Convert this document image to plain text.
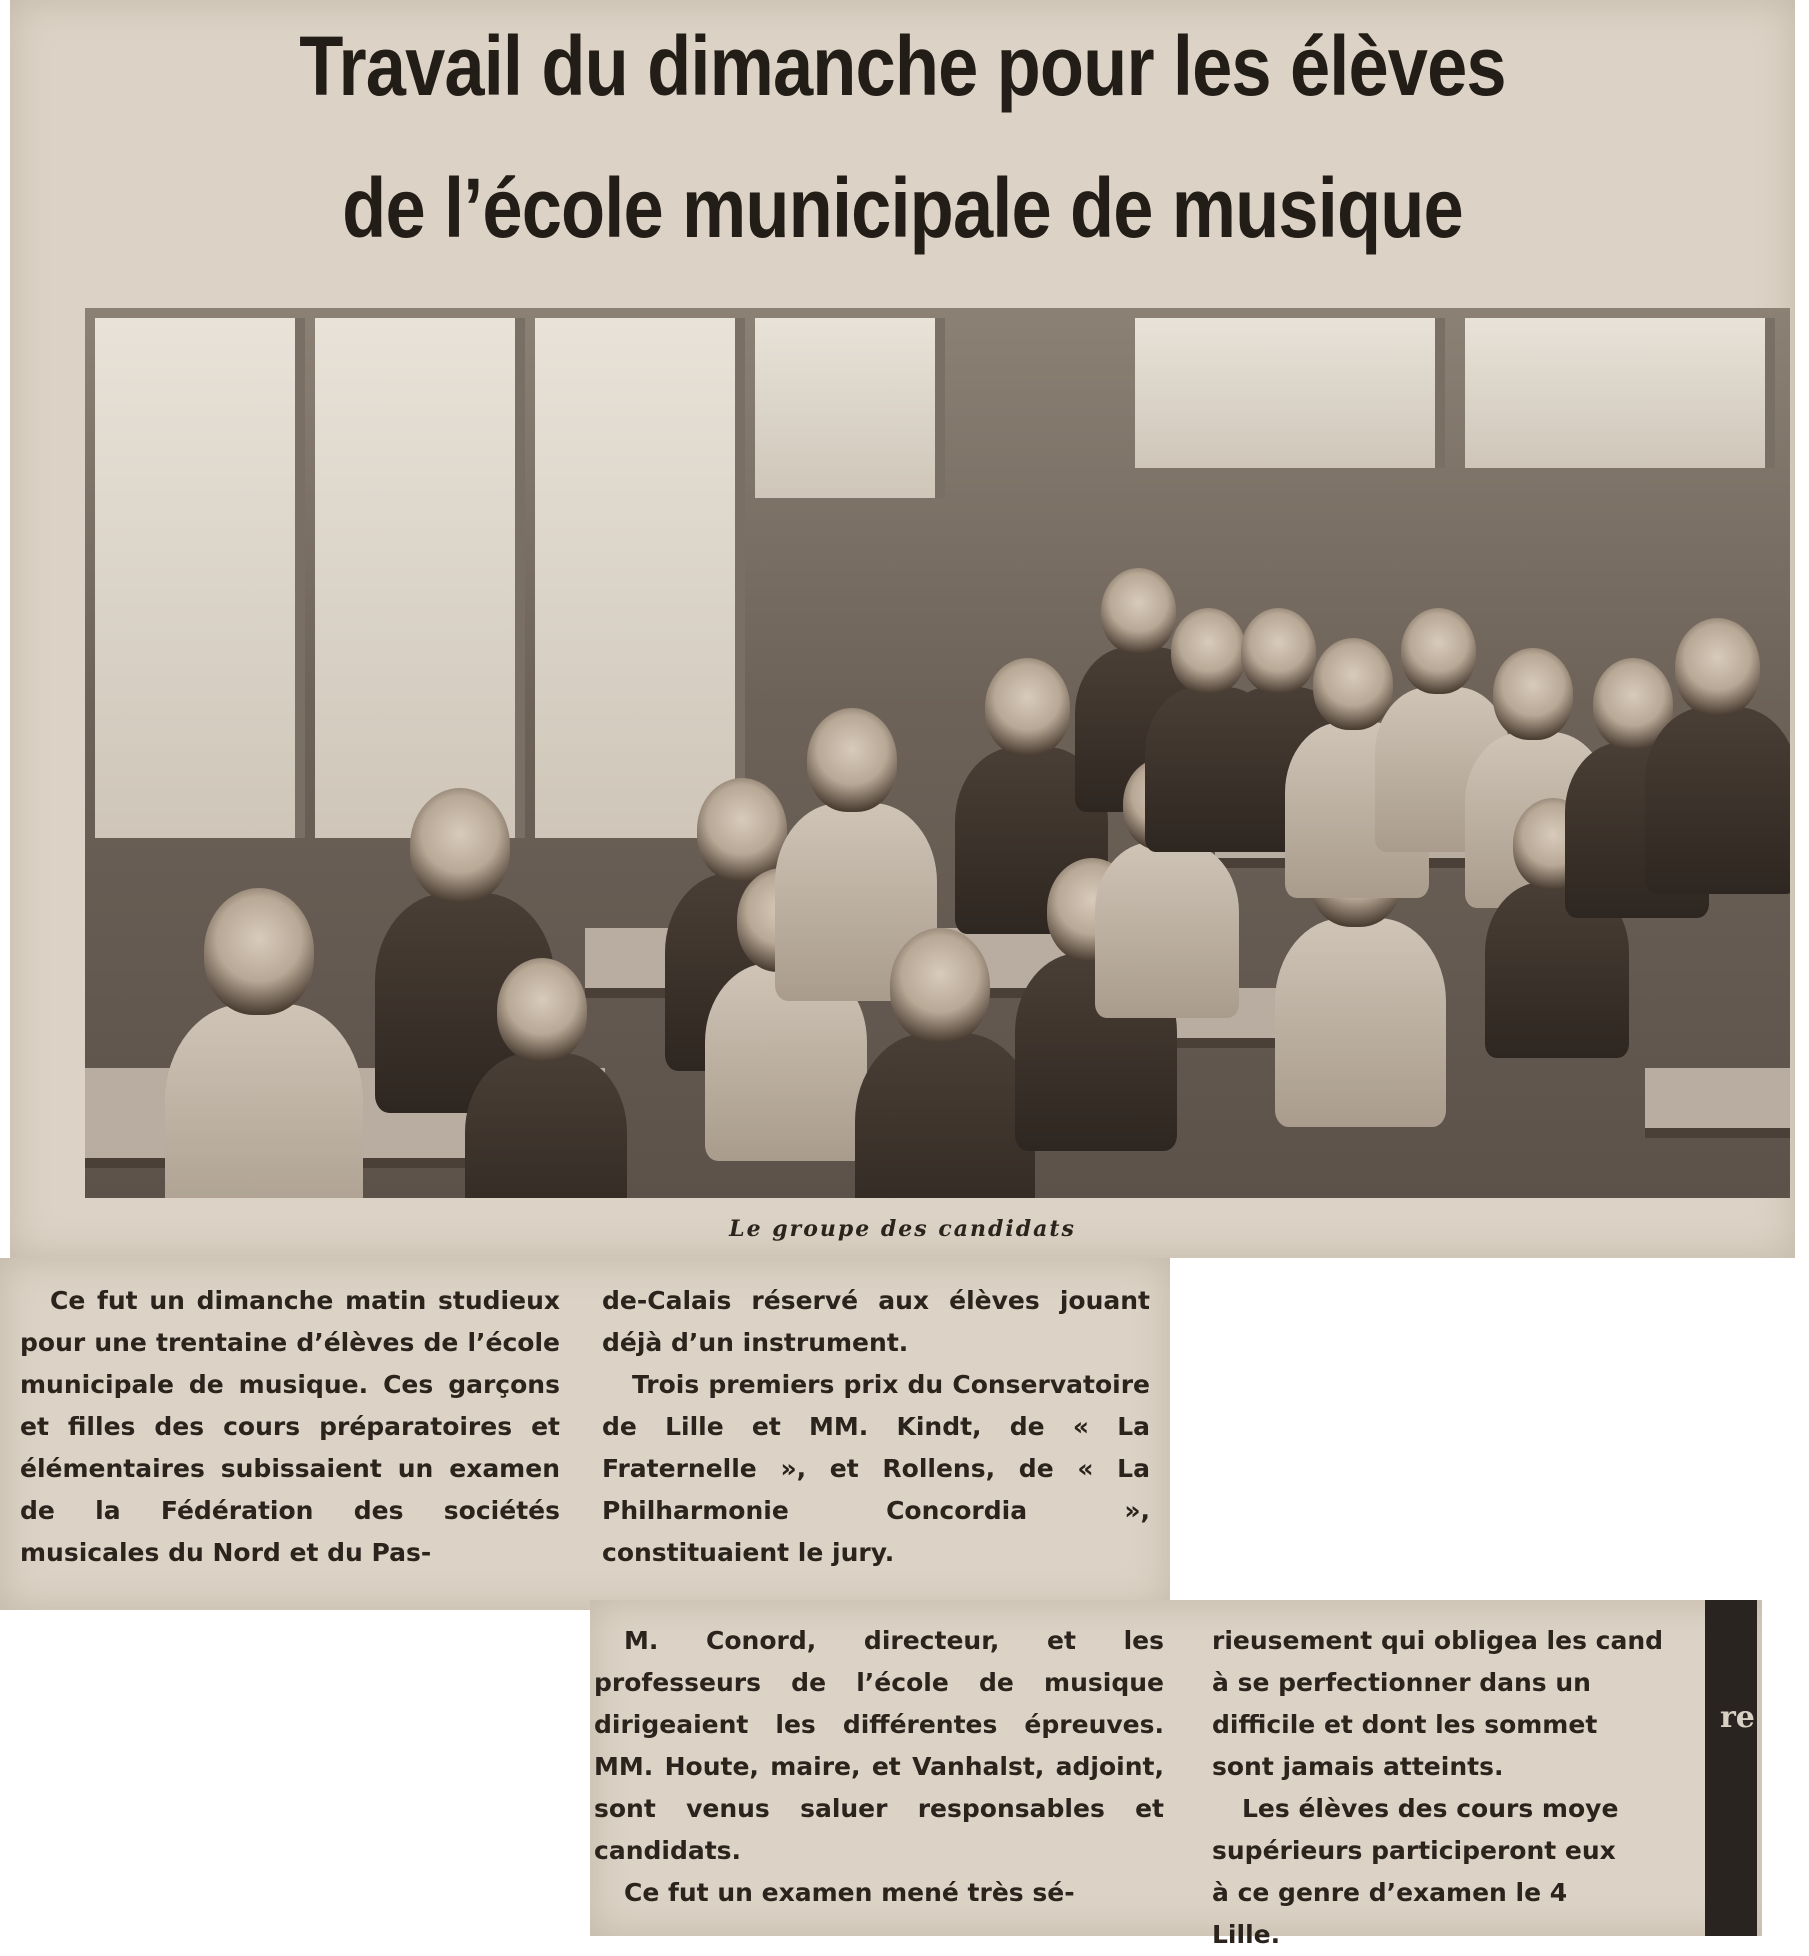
Travail du dimanche pour les élèves
de l’école municipale de musique
Le groupe des candidats

Ce fut un dimanche matin studieux pour une trentaine d’élèves de l’école municipale de musique. Ces garçons et filles des cours préparatoires et élémentaires subissaient un examen de la Fédération des sociétés musicales du Nord et du Pas-

de-Calais réservé aux élèves jouant déjà d’un instrument.

Trois premiers prix du Conservatoire de Lille et MM. Kindt, de « La Fraternelle », et Rollens, de « La Philharmonie Concordia », constituaient le jury.

M. Conord, directeur, et les professeurs de l’école de musique dirigeaient les différentes épreuves. MM. Houte, maire, et Vanhalst, adjoint, sont venus saluer responsables et candidats.

Ce fut un examen mené très sé-

rieusement qui obligea les cand

à se perfectionner dans un

difficile et dont les sommet

sont jamais atteints.

Les élèves des cours moye

supérieurs participeront eux

à ce genre d’examen le 4

Lille.

re
